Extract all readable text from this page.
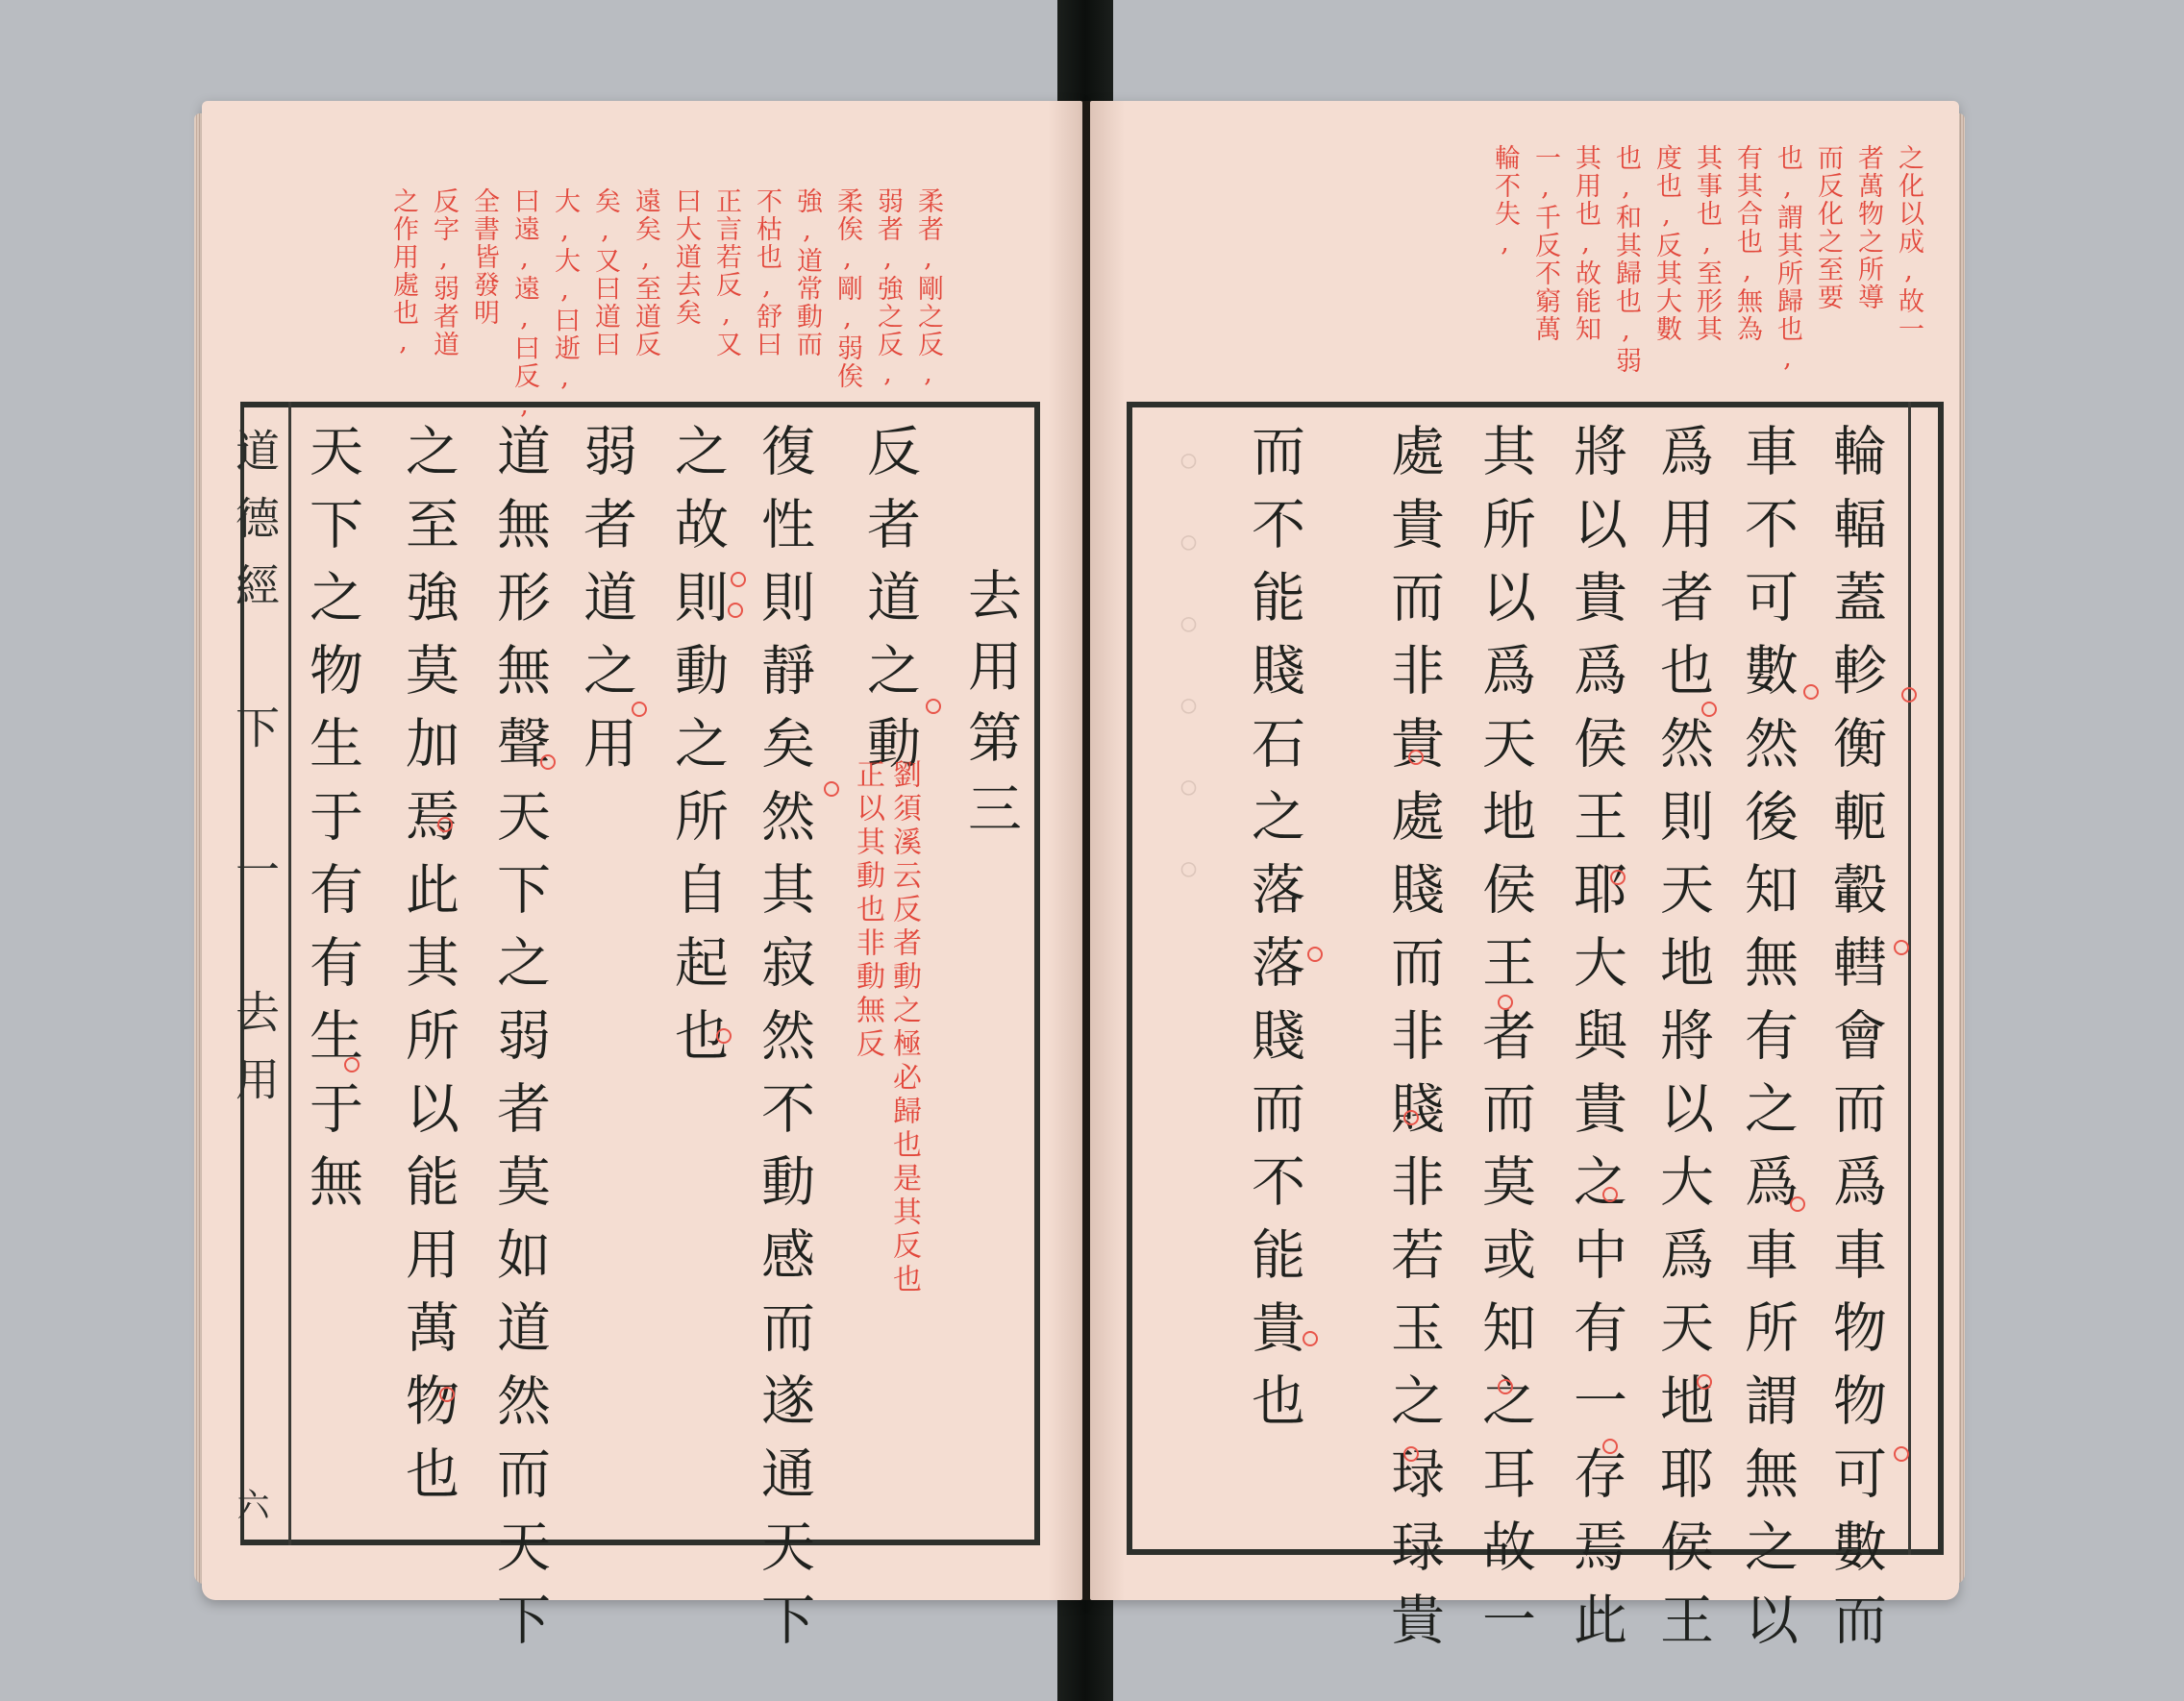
◦◦◦◦◦◦
柔者,剛之反,
弱者,強之反,
柔俟,剛,弱俟
強,道常動而
不枯也,舒曰
正言若反,又
曰大道去矣
遠矣,至道反
矣,又曰道曰
大,大,曰逝,
曰遠,遠,曰反,
全書皆發明
反字,弱者道
之作用處也,
道德經 下 一 去用
六
去用第三
反者道之動
劉須溪云反者動之極必歸也是其反也
正以其動也非動無反
復性則靜矣然其寂然不動感而遂通天下
之故則動之所自起也
弱者道之用
道無形無聲天下之弱者莫如道然而天下
之至強莫加焉此其所以能用萬物也
天下之物生于有有生于無
之化以成,故一
者萬物之所導
而反化之至要
也,謂其所歸也,
有其合也,無為
其事也,至形其
度也,反其大數
也,和其歸也,弱
其用也,故能知
一,千反不窮萬
輪不失,
輪輻蓋軫衡軛轂轊會而爲車物物可數而
車不可數然後知無有之爲車所謂無之以
爲用者也然則天地將以大爲天地耶侯王
將以貴爲侯王耶大與貴之中有一存焉此
其所以爲天地侯王者而莫或知之耳故一
處貴而非貴處賤而非賤非若玉之琭琭貴
而不能賤石之落落賤而不能貴也
